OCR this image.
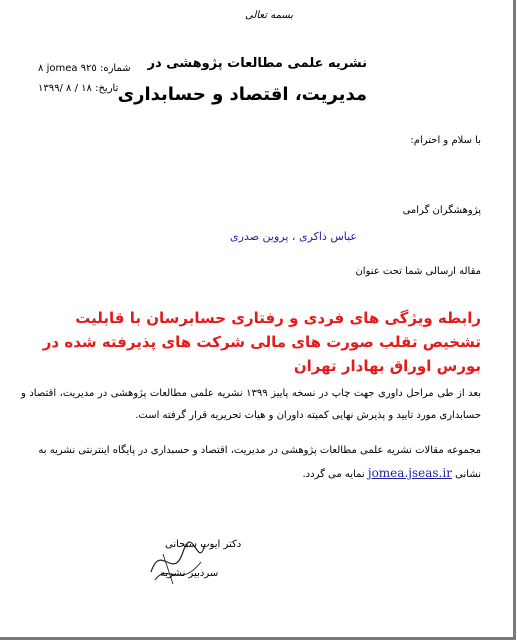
بسمه تعالی
نشریه علمی مطالعات پژوهشی در
مدیریت، اقتصاد و حسابداری
شماره: ٩٢٥ jomea ٨
تاریخ: ١٨ / ٨ /١٣٩٩
با سلام و احترام:
پژوهشگران گرامی
عباس ذاکری ، پروین صدری
مقاله ارسالی شما تحت عنوان
رابطه ویژگی های فردی و رفتاری حسابرسان با قابلیت تشخیص تقلب صورت های مالی شرکت های پذیرفته شده در بورس اوراق بهادار تهران
بعد از طی مراحل داوری جهت چاپ در نسخه پاییز ١٣٩٩ نشریه علمی مطالعات پژوهشی در مدیریت، اقتصاد و حسابداری مورد تایید و پذیرش نهایی کمیته داوران و هیات تحریریه قرار گرفته است.
مجموعه مقالات نشریه علمی مطالعات پژوهشی در مدیریت، اقتصاد و حسبداری در پایگاه اینترنتی نشریه به نشانی jomea.jseas.ir نمایه می گردد.
دکتر ایوب سبحانی
سردبیر نشریه
